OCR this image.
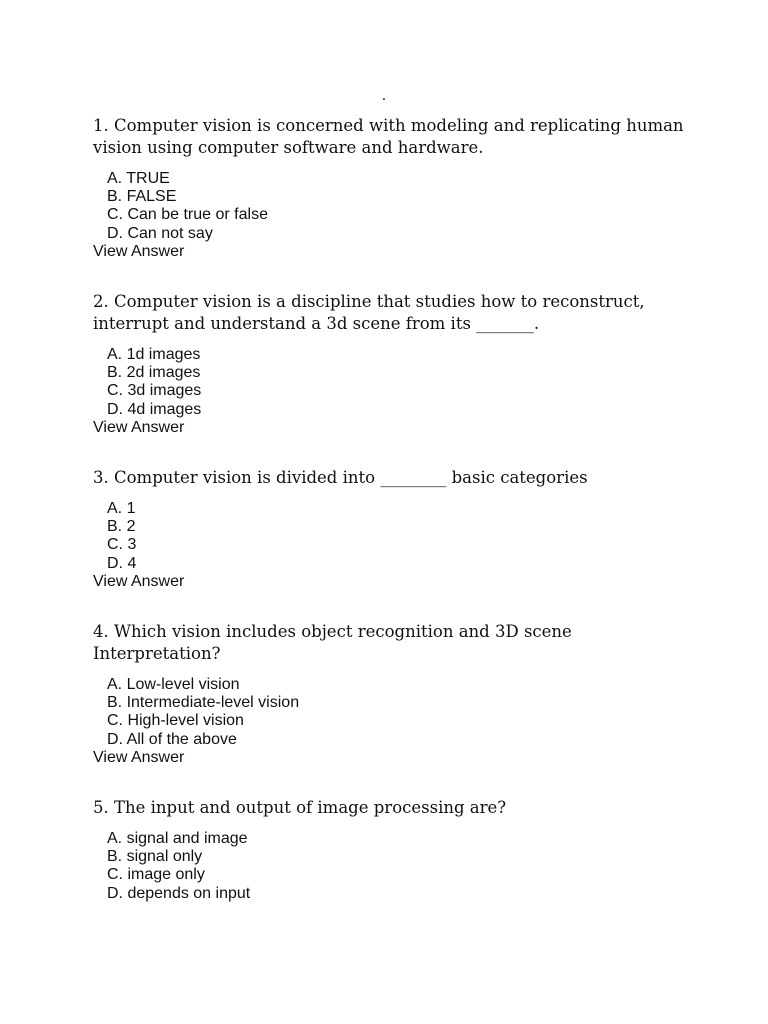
.

1. Computer vision is concerned with modeling and replicating human vision using computer software and hardware.

A. TRUE
B. FALSE
C. Can be true or false
D. Can not say
View Answer

2. Computer vision is a discipline that studies how to reconstruct, interrupt and understand a 3d scene from its _______.

A. 1d images
B. 2d images
C. 3d images
D. 4d images
View Answer

3. Computer vision is divided into ________ basic categories

A. 1
B. 2
C. 3
D. 4
View Answer

4. Which vision includes object recognition and 3D scene Interpretation?

A. Low-level vision
B. Intermediate-level vision
C. High-level vision
D. All of the above
View Answer

5. The input and output of image processing are?

A. signal and image
B. signal only
C. image only
D. depends on input
